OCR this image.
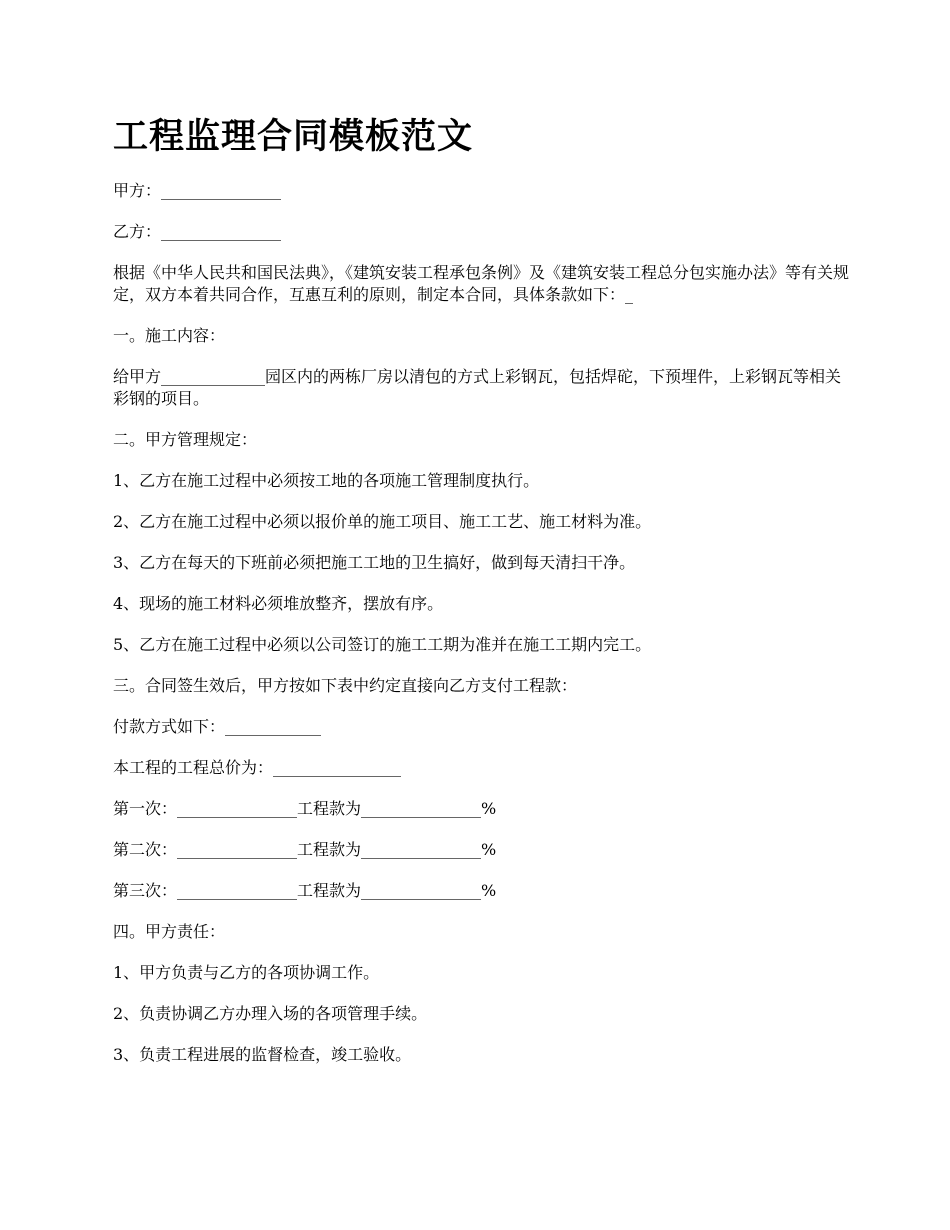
工程监理合同模板范文

甲方：_______________

乙方：_______________

根据《中华人民共和国民法典》，《建筑安装工程承包条例》及《建筑安装工程总分包实施办法》等有关规定，双方本着共同合作，互惠互利的原则，制定本合同，具体条款如下：_

一。施工内容：

给甲方_____________园区内的两栋厂房以清包的方式上彩钢瓦，包括焊砣，下预埋件，上彩钢瓦等相关彩钢的项目。

二。甲方管理规定：

1、乙方在施工过程中必须按工地的各项施工管理制度执行。

2、乙方在施工过程中必须以报价单的施工项目、施工工艺、施工材料为准。

3、乙方在每天的下班前必须把施工工地的卫生搞好，做到每天清扫干净。

4、现场的施工材料必须堆放整齐，摆放有序。

5、乙方在施工过程中必须以公司签订的施工工期为准并在施工工期内完工。

三。合同签生效后，甲方按如下表中约定直接向乙方支付工程款：

付款方式如下：____________

本工程的工程总价为：________________

第一次：_______________工程款为_______________%

第二次：_______________工程款为_______________%

第三次：_______________工程款为_______________%

四。甲方责任：

1、甲方负责与乙方的各项协调工作。

2、负责协调乙方办理入场的各项管理手续。

3、负责工程进展的监督检查，竣工验收。
